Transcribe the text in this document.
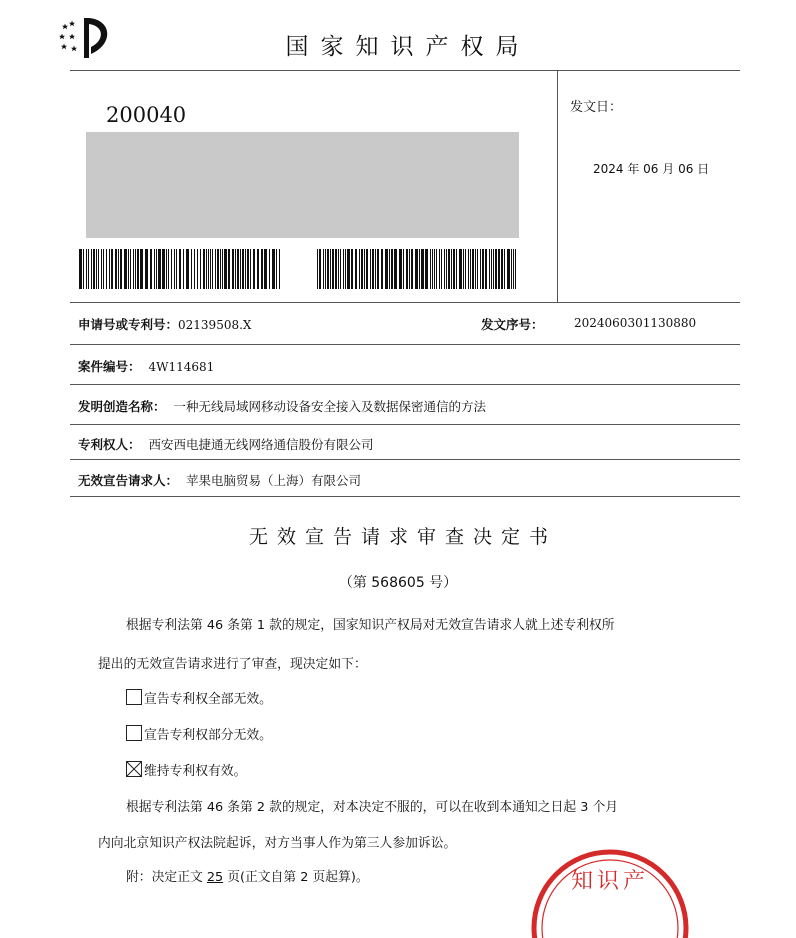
国家知识产权局
200040	发文日：
2024 年 06 月 06 日
申请号或专利号：02139508.X	发文序号：	2024060301130880
案件编号： 4W114681
发明创造名称： 一种无线局域网移动设备安全接入及数据保密通信的方法
专利权人： 西安西电捷通无线网络通信股份有限公司
无效宣告请求人： 苹果电脑贸易（上海）有限公司
无效宣告请求审查决定书
（第 568605 号）
根据专利法第 46 条第 1 款的规定，国家知识产权局对无效宣告请求人就上述专利权所
提出的无效宣告请求进行了审查，现决定如下：
宣告专利权全部无效。
宣告专利权部分无效。
维持专利权有效。
根据专利法第 46 条第 2 款的规定，对本决定不服的，可以在收到本通知之日起 3 个月
内向北京知识产权法院起诉，对方当事人作为第三人参加诉讼。
附：决定正文 25 页(正文自第 2 页起算)。	知识产
